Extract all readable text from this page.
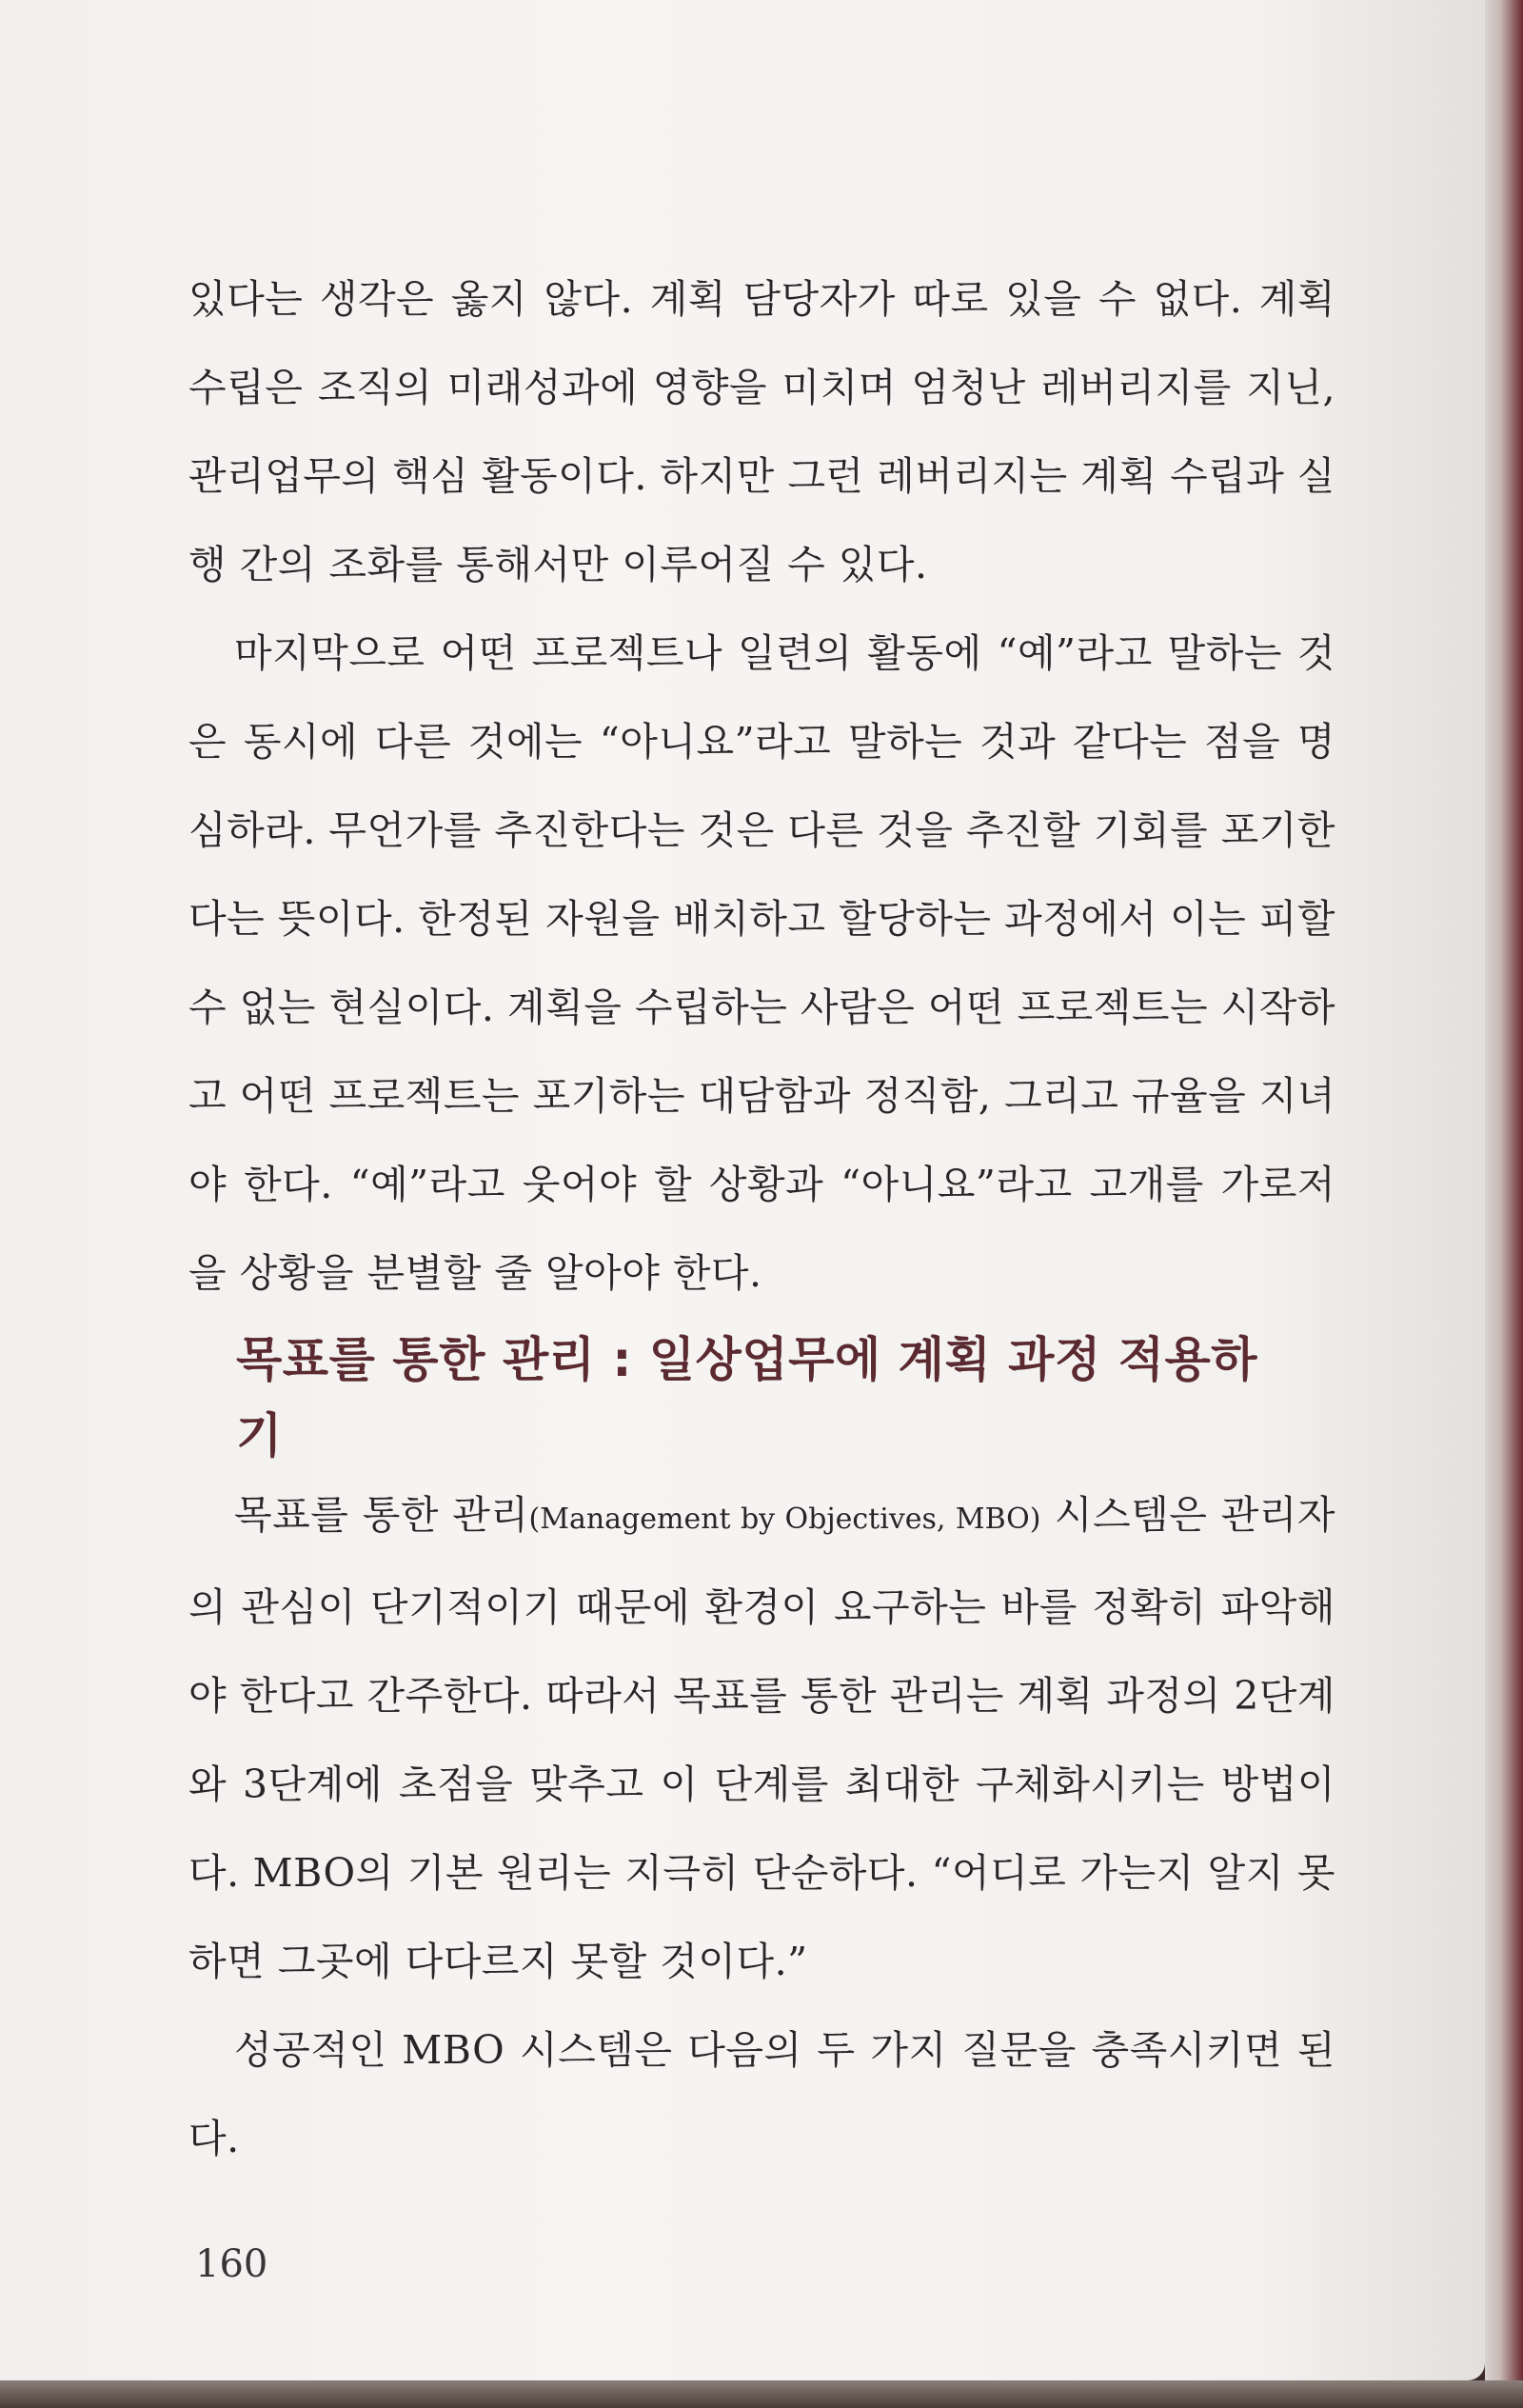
있다는 생각은 옳지 않다. 계획 담당자가 따로 있을 수 없다. 계획 수립은 조직의 미래성과에 영향을 미치며 엄청난 레버리지를 지닌, 관리업무의 핵심 활동이다. 하지만 그런 레버리지는 계획 수립과 실행 간의 조화를 통해서만 이루어질 수 있다.

마지막으로 어떤 프로젝트나 일련의 활동에 “예”라고 말하는 것은 동시에 다른 것에는 “아니요”라고 말하는 것과 같다는 점을 명심하라. 무언가를 추진한다는 것은 다른 것을 추진할 기회를 포기한다는 뜻이다. 한정된 자원을 배치하고 할당하는 과정에서 이는 피할 수 없는 현실이다. 계획을 수립하는 사람은 어떤 프로젝트는 시작하고 어떤 프로젝트는 포기하는 대담함과 정직함, 그리고 규율을 지녀야 한다. “예”라고 웃어야 할 상황과 “아니요”라고 고개를 가로저을 상황을 분별할 줄 알아야 한다.

목표를 통한 관리 : 일상업무에 계획 과정 적용하기

목표를 통한 관리(Management by Objectives, MBO) 시스템은 관리자의 관심이 단기적이기 때문에 환경이 요구하는 바를 정확히 파악해야 한다고 간주한다. 따라서 목표를 통한 관리는 계획 과정의 2단계와 3단계에 초점을 맞추고 이 단계를 최대한 구체화시키는 방법이다. MBO의 기본 원리는 지극히 단순하다. “어디로 가는지 알지 못하면 그곳에 다다르지 못할 것이다.”

성공적인 MBO 시스템은 다음의 두 가지 질문을 충족시키면 된다.

160
